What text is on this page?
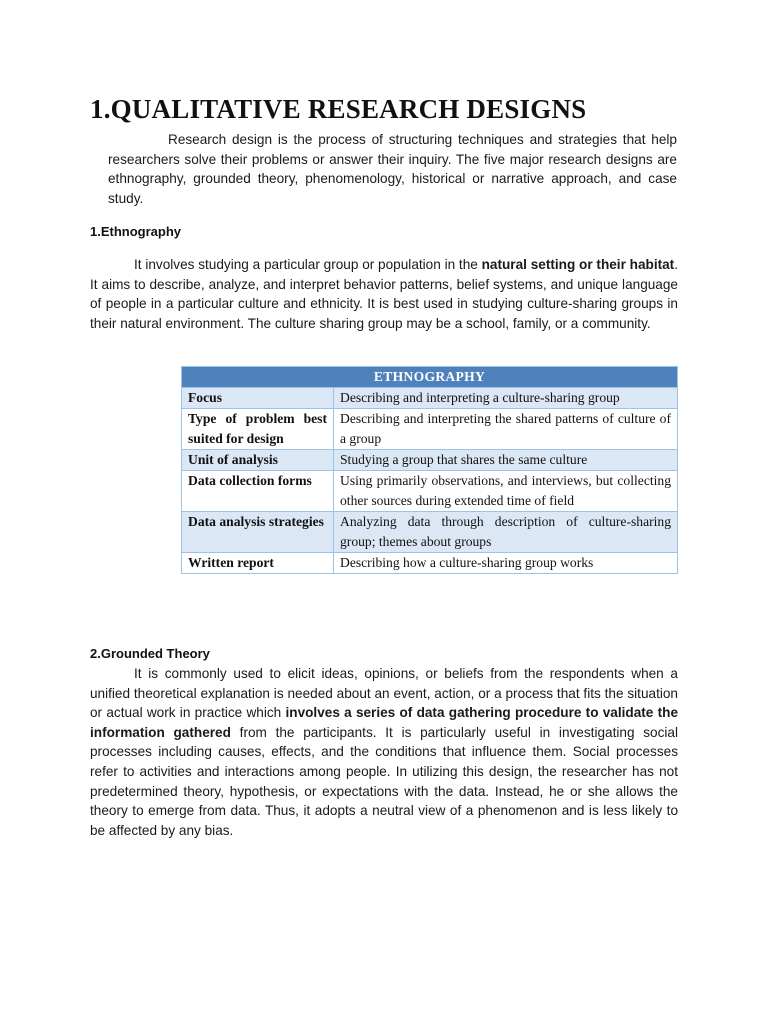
1.QUALITATIVE RESEARCH DESIGNS

Research design is the process of structuring techniques and strategies that help researchers solve their problems or answer their inquiry. The five major research designs are ethnography, grounded theory, phenomenology, historical or narrative approach, and case study.

1.Ethnography

It involves studying a particular group or population in the natural setting or their habitat. It aims to describe, analyze, and interpret behavior patterns, belief systems, and unique language of people in a particular culture and ethnicity. It is best used in studying culture-sharing groups in their natural environment. The culture sharing group may be a school, family, or a community.

ETHNOGRAPHY	
Focus	Describing and interpreting a culture-sharing group
Type of problem best suited for design	Describing and interpreting the shared patterns of culture of a group
Unit of analysis	Studying a group that shares the same culture
Data collection forms	Using primarily observations, and interviews, but collecting other sources during extended time of field
Data analysis strategies	Analyzing data through description of culture-sharing group; themes about groups
Written report	Describing how a culture-sharing group works
2.Grounded Theory

It is commonly used to elicit ideas, opinions, or beliefs from the respondents when a unified theoretical explanation is needed about an event, action, or a process that fits the situation or actual work in practice which involves a series of data gathering procedure to validate the information gathered from the participants. It is particularly useful in investigating social processes including causes, effects, and the conditions that influence them. Social processes refer to activities and interactions among people. In utilizing this design, the researcher has not predetermined theory, hypothesis, or expectations with the data. Instead, he or she allows the theory to emerge from data. Thus, it adopts a neutral view of a phenomenon and is less likely to be affected by any bias.
